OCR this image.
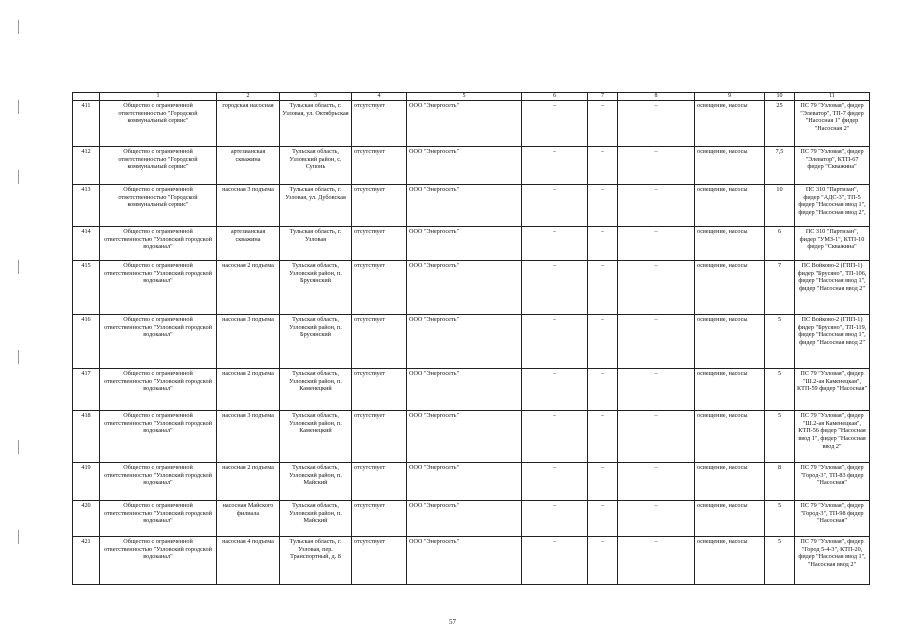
	1	2	3	4	5	6	7	8	9	10	11
411	Общество с ограниченной ответственностью "Городской коммунальный сервис"	городская насосная	Тульская область, г. Узловая, ул. Октябрьская	отсутствует	ООО "Энергосеть"	–	–	–	освещение, насосы	25	ПС 79 "Узловая", фидер "Элеватор", ТП-7 фидер "Насосная 1" фидер "Насосная 2"
412	Общество с ограниченной ответственностью "Городской коммунальный сервис"	артезианская скважина	Тульская область, Узловский район, с. Супонь	отсутствует	ООО "Энергосеть"	–	–	–	освещение, насосы	7,5	ПС 79 "Узловая", фидер "Элеватор", КТП-67 фидер "Скважина"
413	Общество с ограниченной ответственностью "Городской коммунальный сервис"	насосная 3 подъема	Тульская область, г. Узловая, ул. Дубовская	отсутствует	ООО "Энергосеть"	–	–	–	освещение, насосы	10	ПС 310 "Партизан", фидер "АДС-3", ТП-5 фидер "Насосная ввод 1", фидер "Насосная ввод 2",
414	Общество с ограниченной ответственностью "Узловский городской водоканал"	артезианская скважина	Тульская область, г. Узловая	отсутствует	ООО "Энергосеть"	–	–	–	освещение, насосы	6	ПС 310 "Партизан", фидер "УМЗ-1", КТП-10 фидер "Скважина"
415	Общество с ограниченной ответственностью "Узловский городской водоканал"	насосная 2 подъема	Тульская область, Узловский район, п. Брусянский	отсутствует	ООО "Энергосеть"	–	–	–	освещение, насосы	7	ПС Войково-2 (ГПП-1) фидер "Брусяно", ТП-106, фидер "Насосная ввод 1", фидер "Насосная ввод 2"
416	Общество с ограниченной ответственностью "Узловский городской водоканал"	насосная 3 подъема	Тульская область, Узловский район, п. Брусянский	отсутствует	ООО "Энергосеть"	–	–	–	освещение, насосы	5	ПС Войково-2 (ГПП-1) фидер "Брусяно", ТП-119, фидер "Насосная ввод 1", фидер "Насосная ввод 2"
417	Общество с ограниченной ответственностью "Узловский городской водоканал"	насосная 2 подъема	Тульская область, Узловский район, п. Каменецкий	отсутствует	ООО "Энергосеть"	–	–	–	освещение, насосы	5	ПС 79 "Узловая", фидер "Ш.2-ая Каменецкая", КТП-59 фидер "Насосная"
418	Общество с ограниченной ответственностью "Узловский городской водоканал"	насосная 3 подъема	Тульская область, Узловский район, п. Каменецкий	отсутствует	ООО "Энергосеть"	–	–	–	освещение, насосы	5	ПС 79 "Узловая", фидер "Ш.2-ая Каменецкая", КТП-56 фидер "Насосная ввод 1", фидер "Насосная ввод 2"
419	Общество с ограниченной ответственностью "Узловский городской водоканал"	насосная 2 подъема	Тульская область, Узловский район, п. Майский	отсутствует	ООО "Энергосеть"	–	–	–	освещение, насосы	8	ПС 79 "Узловая", фидер "Город-3", ТП-83 фидер "Насосная"
420	Общество с ограниченной ответственностью "Узловский городской водоканал"	насосная Майского филиала	Тульская область, Узловский район, п. Майский	отсутствует	ООО "Энергосеть"	–	–	–	освещение, насосы	5	ПС 79 "Узловая", фидер "Город-3", ТП-98 фидер "Насосная"
421	Общество с ограниченной ответственностью "Узловский городской водоканал"	насосная 4 подъема	Тульская область, г. Узловая, пер. Транспортный, д. 8	отсутствует	ООО "Энергосеть"	–	–	–	освещение, насосы	5	ПС 79 "Узловая", фидер "Город 5-4-3", КТП-20, фидер "Насосная ввод 1", "Насосная ввод 2"
57
